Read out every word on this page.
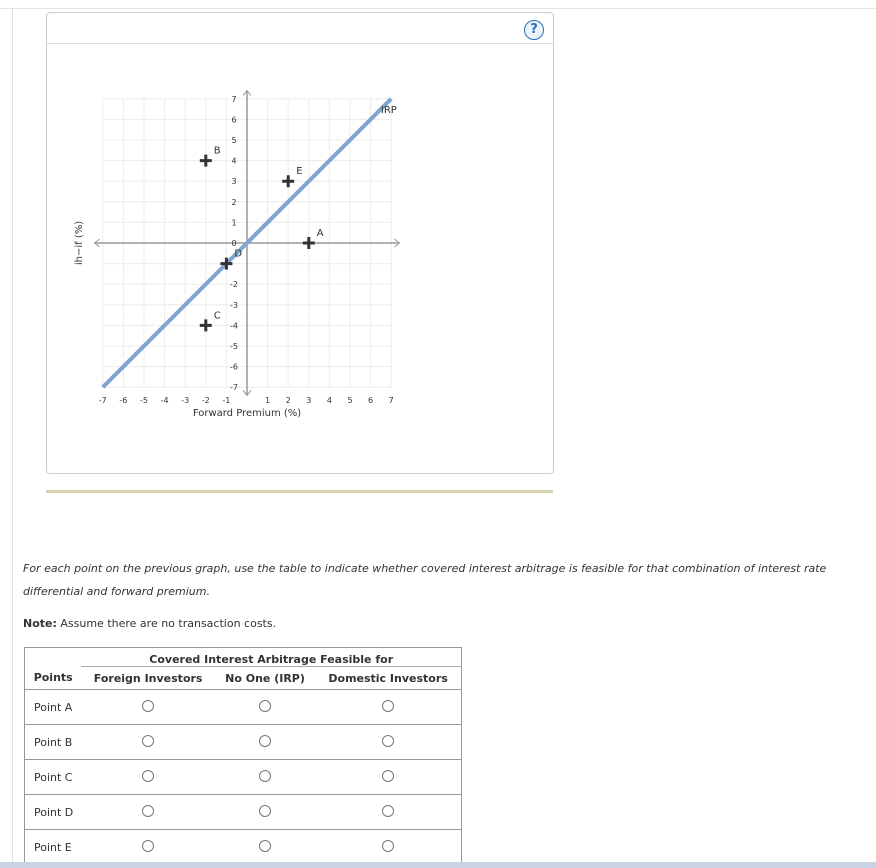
?
-7 -6 -5 -4 -3 -2 -1	1 2 3 4 5 6 7
7
6
5
4
3
2
1
0
-2
-3
-4
-5
-6
-7
Forward Premium (%)
ih−if (%)
IRP
A
B
C
D
E
For each point on the previous graph, use the table to indicate whether covered interest arbitrage is feasible for that combination of interest rate differential and forward premium.
Note: Assume there are no transaction costs.
	Covered Interest Arbitrage Feasible for		
Points	Foreign Investors	No One (IRP)	Domestic Investors
Point A			
Point B			
Point C			
Point D			
Point E			
